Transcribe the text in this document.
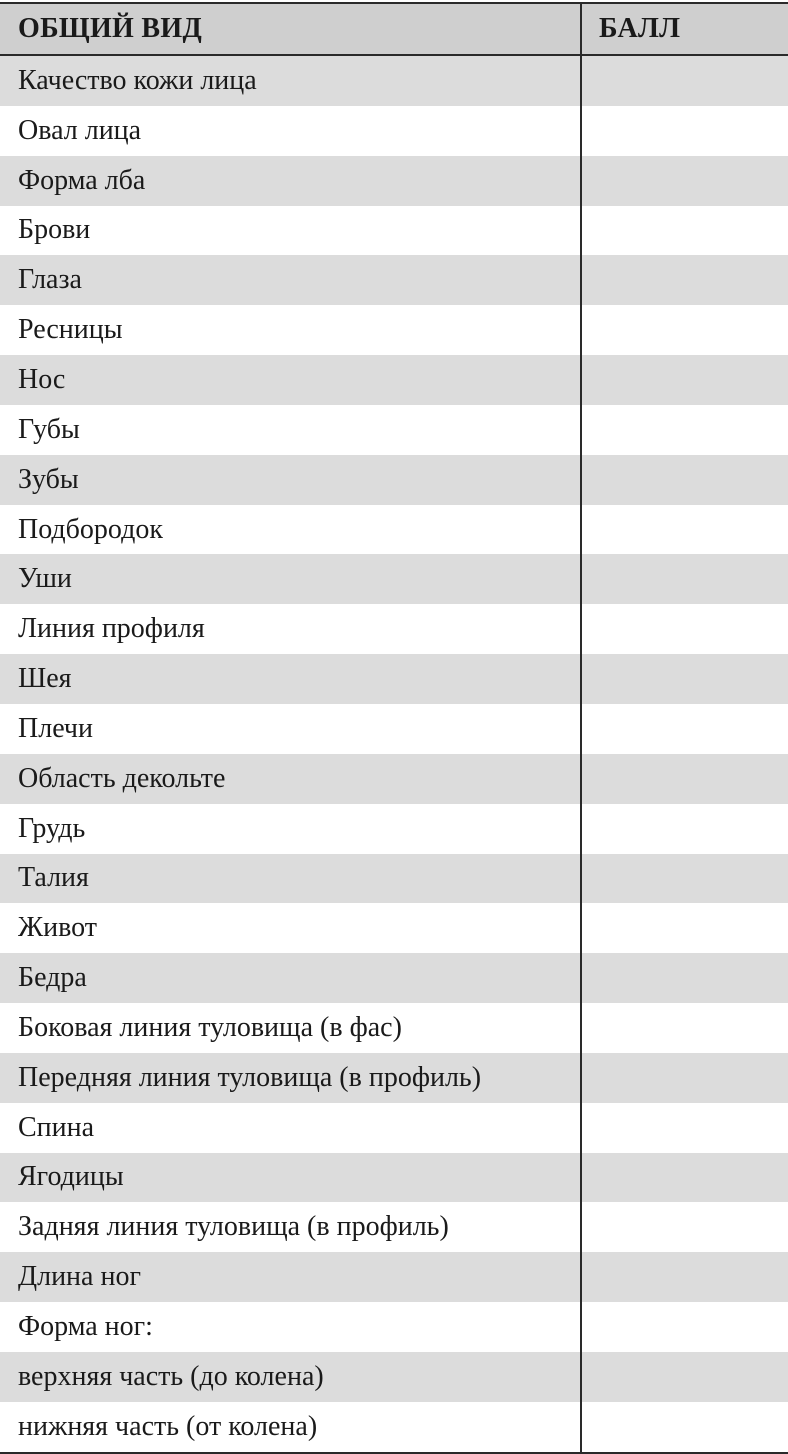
ОБЩИЙ ВИД	БАЛЛ
Качество кожи лица
Овал лица
Форма лба
Брови
Глаза
Ресницы
Нос
Губы
Зубы
Подбородок
Уши
Линия профиля
Шея
Плечи
Область декольте
Грудь
Талия
Живот
Бедра
Боковая линия туловища (в фас)
Передняя линия туловища (в профиль)
Спина
Ягодицы
Задняя линия туловища (в профиль)
Длина ног
Форма ног:
верхняя часть (до колена)
нижняя часть (от колена)
